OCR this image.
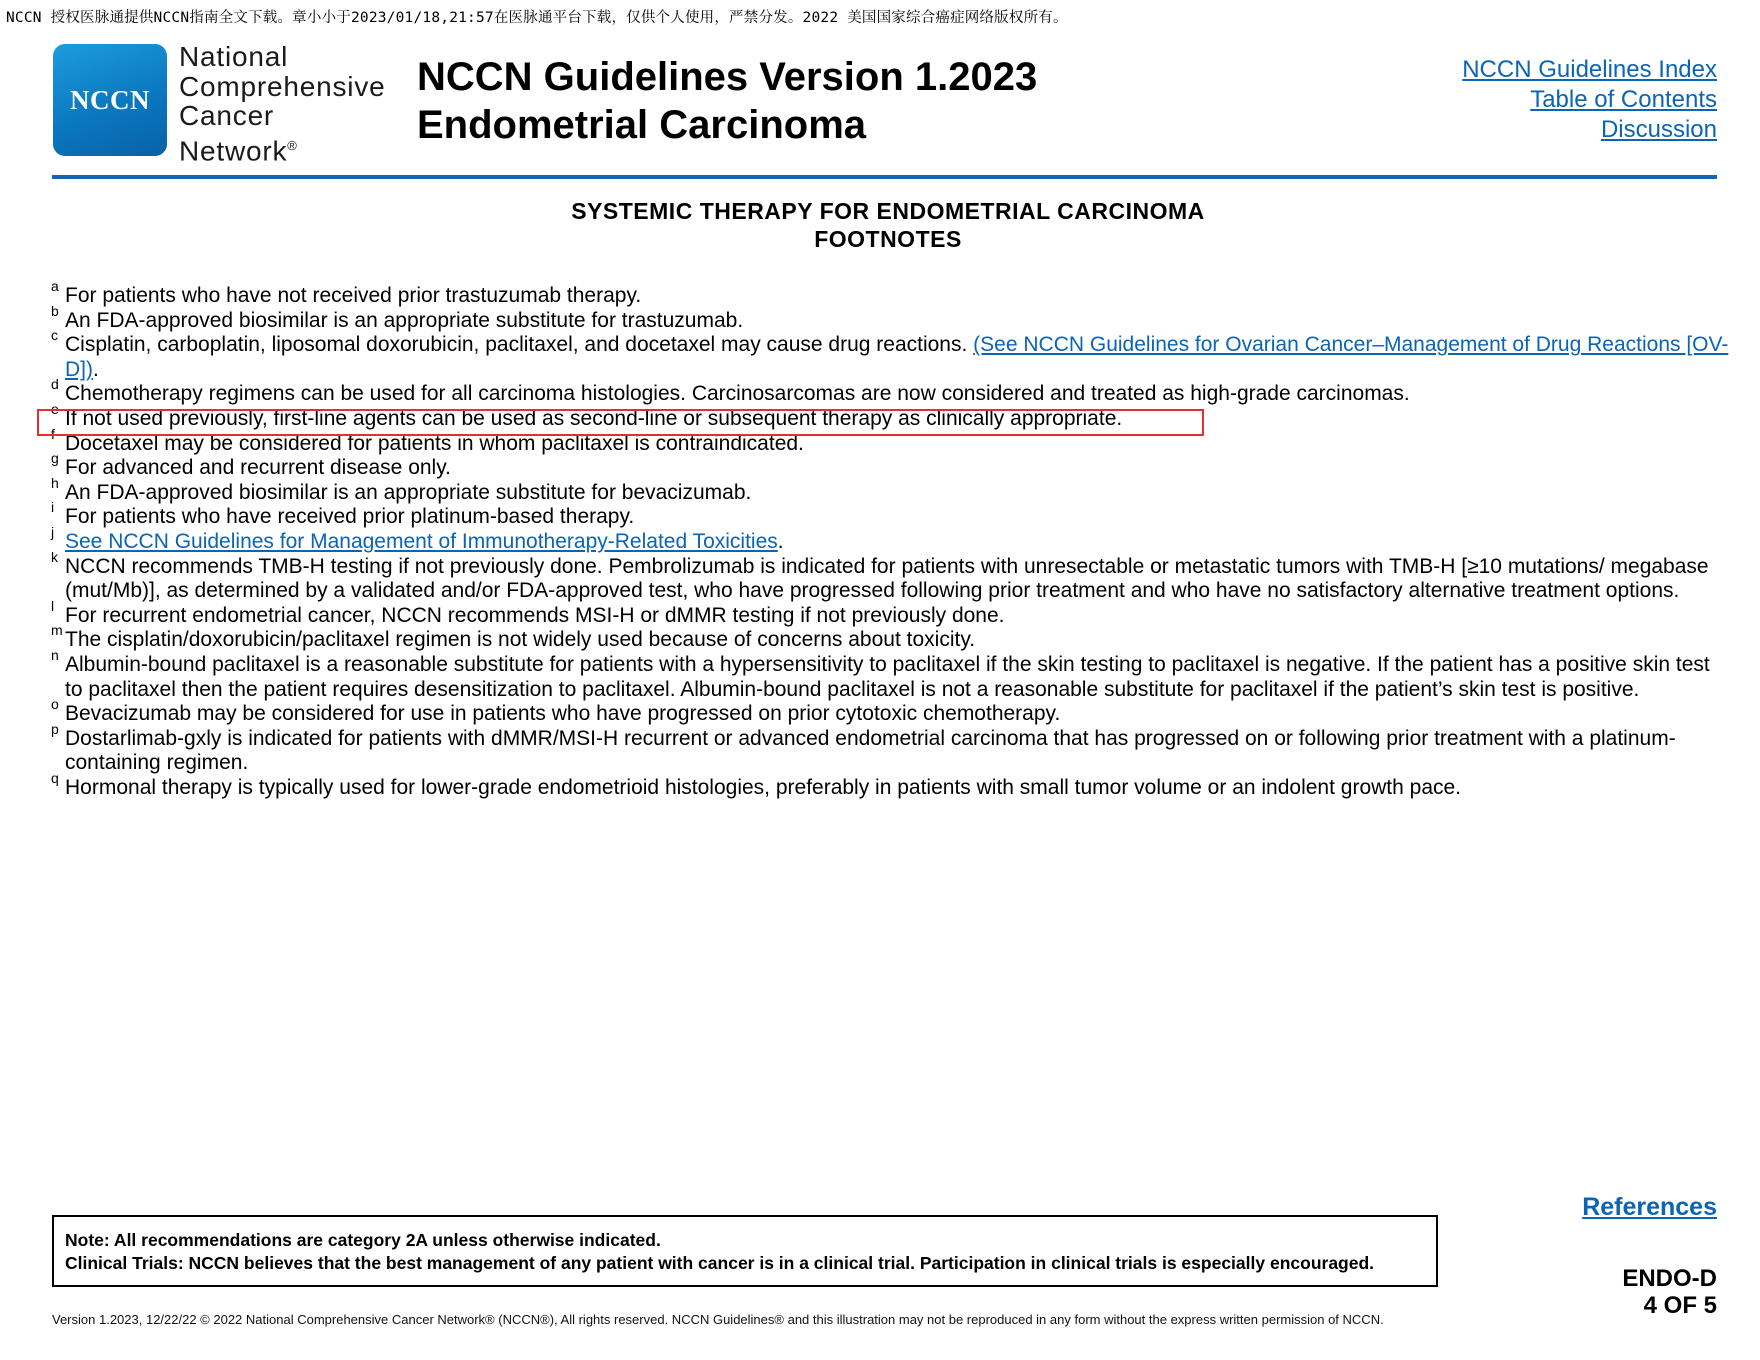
NCCN 授权医脉通提供NCCN指南全文下载。章小小于2023/01/18,21:57在医脉通平台下载，仅供个人使用，严禁分发。2022 美国国家综合癌症网络版权所有。
NCCN
National
Comprehensive
Cancer
Network®
NCCN Guidelines Version 1.2023
Endometrial Carcinoma
NCCN Guidelines Index
Table of Contents
Discussion
SYSTEMIC THERAPY FOR ENDOMETRIAL CARCINOMA
FOOTNOTES
a For patients who have not received prior trastuzumab therapy.
b An FDA-approved biosimilar is an appropriate substitute for trastuzumab.
c Cisplatin, carboplatin, liposomal doxorubicin, paclitaxel, and docetaxel may cause drug reactions. (See NCCN Guidelines for Ovarian Cancer–Management of Drug Reactions [OV-D]).
d Chemotherapy regimens can be used for all carcinoma histologies. Carcinosarcomas are now considered and treated as high-grade carcinomas.
e If not used previously, first-line agents can be used as second-line or subsequent therapy as clinically appropriate.
f Docetaxel may be considered for patients in whom paclitaxel is contraindicated.
g For advanced and recurrent disease only.
h An FDA-approved biosimilar is an appropriate substitute for bevacizumab.
i For patients who have received prior platinum-based therapy.
j See NCCN Guidelines for Management of Immunotherapy-Related Toxicities.
k NCCN recommends TMB-H testing if not previously done. Pembrolizumab is indicated for patients with unresectable or metastatic tumors with TMB-H [≥10 mutations/ megabase (mut/Mb)], as determined by a validated and/or FDA-approved test, who have progressed following prior treatment and who have no satisfactory alternative treatment options.
l For recurrent endometrial cancer, NCCN recommends MSI-H or dMMR testing if not previously done.
m The cisplatin/doxorubicin/paclitaxel regimen is not widely used because of concerns about toxicity.
n Albumin-bound paclitaxel is a reasonable substitute for patients with a hypersensitivity to paclitaxel if the skin testing to paclitaxel is negative. If the patient has a positive skin test to paclitaxel then the patient requires desensitization to paclitaxel. Albumin-bound paclitaxel is not a reasonable substitute for paclitaxel if the patient’s skin test is positive.
o Bevacizumab may be considered for use in patients who have progressed on prior cytotoxic chemotherapy.
p Dostarlimab-gxly is indicated for patients with dMMR/MSI-H recurrent or advanced endometrial carcinoma that has progressed on or following prior treatment with a platinum-containing regimen.
q Hormonal therapy is typically used for lower-grade endometrioid histologies, preferably in patients with small tumor volume or an indolent growth pace.
References
Note: All recommendations are category 2A unless otherwise indicated.
Clinical Trials: NCCN believes that the best management of any patient with cancer is in a clinical trial. Participation in clinical trials is especially encouraged.
ENDO-D
4 OF 5
Version 1.2023, 12/22/22 © 2022 National Comprehensive Cancer Network® (NCCN®), All rights reserved. NCCN Guidelines® and this illustration may not be reproduced in any form without the express written permission of NCCN.
